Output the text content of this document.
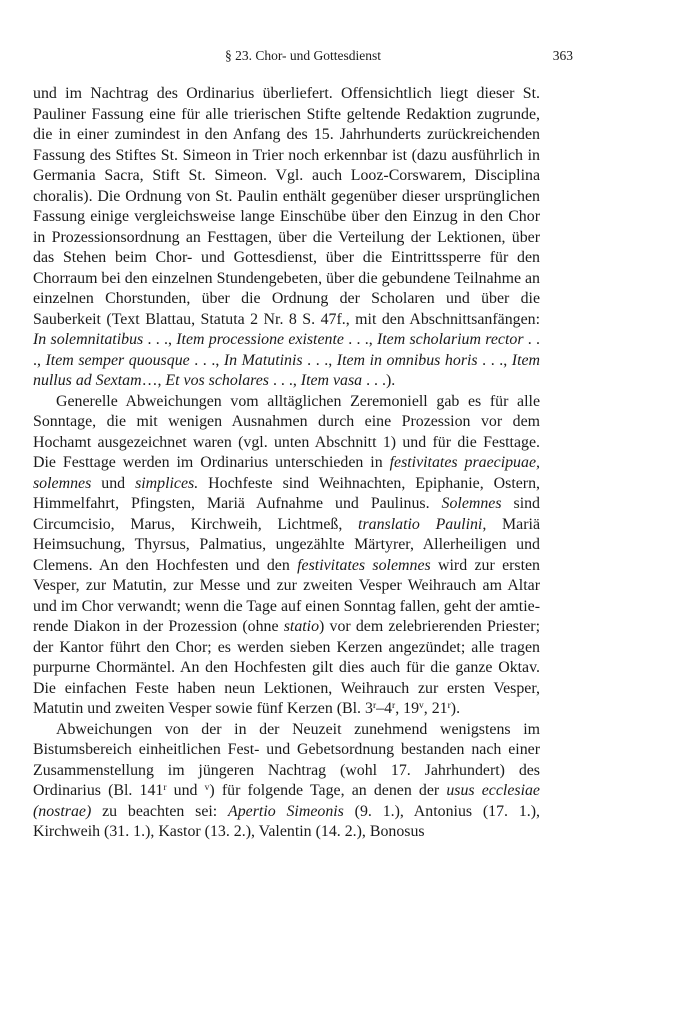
§ 23. Chor- und Gottesdienst	363

und im Nachtrag des Ordinarius überliefert. Offensichtlich liegt dieser St. Pauliner Fassung eine für alle trierischen Stifte geltende Redaktion zugrunde, die in einer zumindest in den Anfang des 15. Jahrhunderts zurückreichenden Fassung des Stiftes St. Simeon in Trier noch erkennbar ist (dazu ausführlich in Germania Sacra, Stift St. Simeon. Vgl. auch Looz-Corswarem, Disciplina choralis). Die Ordnung von St. Paulin enthält gegenüber dieser ursprünglichen Fassung einige vergleichsweise lange Einschübe über den Einzug in den Chor in Prozessionsordnung an Festtagen, über die Verteilung der Lektionen, über das Stehen beim Chor- und Gottesdienst, über die Eintrittssperre für den Chorraum bei den einzelnen Stundengebeten, über die gebundene Teilnahme an einzelnen Chorstunden, über die Ordnung der Scholaren und über die Sauberkeit (Text Blattau, Statuta 2 Nr. 8 S. 47f., mit den Abschnittsanfängen: In solemnitatibus . . ., Item processione existente . . ., Item scholarium rector . . ., Item semper quousque . . ., In Matutinis . . ., Item in omnibus horis . . ., Item nullus ad Sextam…, Et vos scholares . . ., Item vasa . . .).

Generelle Abweichungen vom alltäglichen Zeremoniell gab es für alle Sonntage, die mit wenigen Ausnahmen durch eine Prozession vor dem Hochamt ausgezeichnet waren (vgl. unten Abschnitt 1) und für die Festtage. Die Festtage werden im Ordinarius unterschieden in festivitates praecipuae, solemnes und simplices. Hochfeste sind Weihnachten, Epiphanie, Ostern, Himmelfahrt, Pfingsten, Mariä Aufnahme und Paulinus. Solemnes sind Circumcisio, Marus, Kirchweih, Lichtmeß, translatio Paulini, Mariä Heimsuchung, Thyrsus, Palmatius, ungezählte Märtyrer, Allerheiligen und Clemens. An den Hochfesten und den festivitates solemnes wird zur ersten Vesper, zur Matutin, zur Messe und zur zweiten Vesper Weihrauch am Altar und im Chor verwandt; wenn die Tage auf einen Sonntag fallen, geht der amtierende Diakon in der Prozession (ohne statio) vor dem zelebrierenden Priester; der Kantor führt den Chor; es werden sieben Kerzen angezündet; alle tragen purpurne Chormäntel. An den Hochfesten gilt dies auch für die ganze Oktav. Die einfachen Feste haben neun Lektionen, Weihrauch zur ersten Vesper, Matutin und zweiten Vesper sowie fünf Kerzen (Bl. 3$^r$–4$^r$, 19$^v$, 21$^r$).

Abweichungen von der in der Neuzeit zunehmend wenigstens im Bistumsbereich einheitlichen Fest- und Gebetsordnung bestanden nach einer Zusammenstellung im jüngeren Nachtrag (wohl 17. Jahrhundert) des Ordinarius (Bl. 141$^r$ und $^v$) für folgende Tage, an denen der usus ecclesiae (nostrae) zu beachten sei: Apertio Simeonis (9. 1.), Antonius (17. 1.), Kirchweih (31. 1.), Kastor (13. 2.), Valentin (14. 2.), Bonosus
